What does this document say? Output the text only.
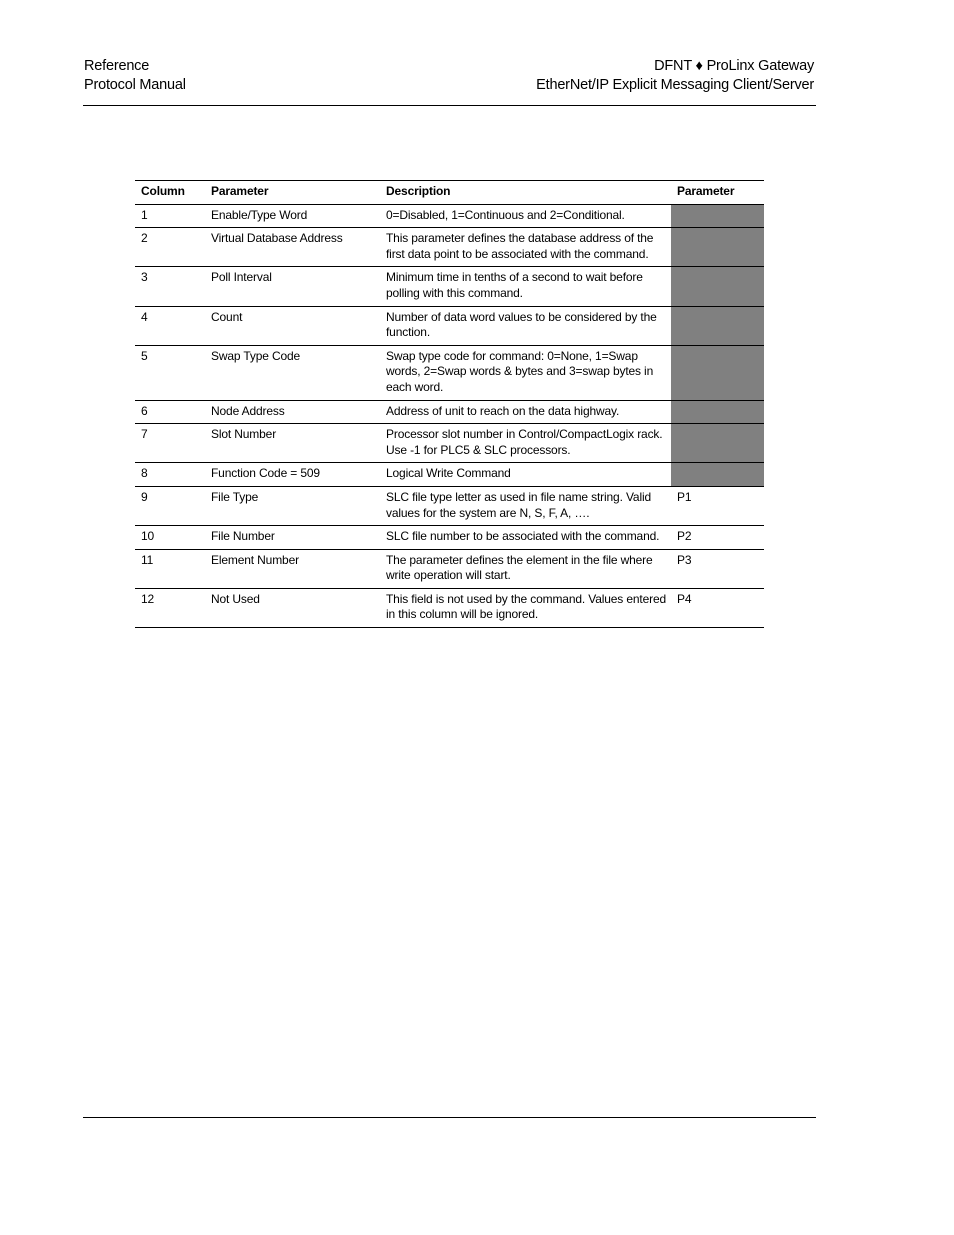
Reference
Protocol Manual
DFNT ♦ ProLinx Gateway
EtherNet/IP Explicit Messaging Client/Server
Column	Parameter	Description	Parameter
1	Enable/Type Word	0=Disabled, 1=Continuous and 2=Conditional.	
2	Virtual Database Address	This parameter defines the database address of the first data point to be associated with the command.	
3	Poll Interval	Minimum time in tenths of a second to wait before polling with this command.	
4	Count	Number of data word values to be considered by the function.	
5	Swap Type Code	Swap type code for command: 0=None, 1=Swap words, 2=Swap words & bytes and 3=swap bytes in each word.	
6	Node Address	Address of unit to reach on the data highway.	
7	Slot Number	Processor slot number in Control/CompactLogix rack. Use -1 for PLC5 & SLC processors.	
8	Function Code = 509	Logical Write Command	
9	File Type	SLC file type letter as used in file name string. Valid values for the system are N, S, F, A, ….	P1
10	File Number	SLC file number to be associated with the command.	P2
11	Element Number	The parameter defines the element in the file where write operation will start.	P3
12	Not Used	This field is not used by the command. Values entered in this column will be ignored.	P4
